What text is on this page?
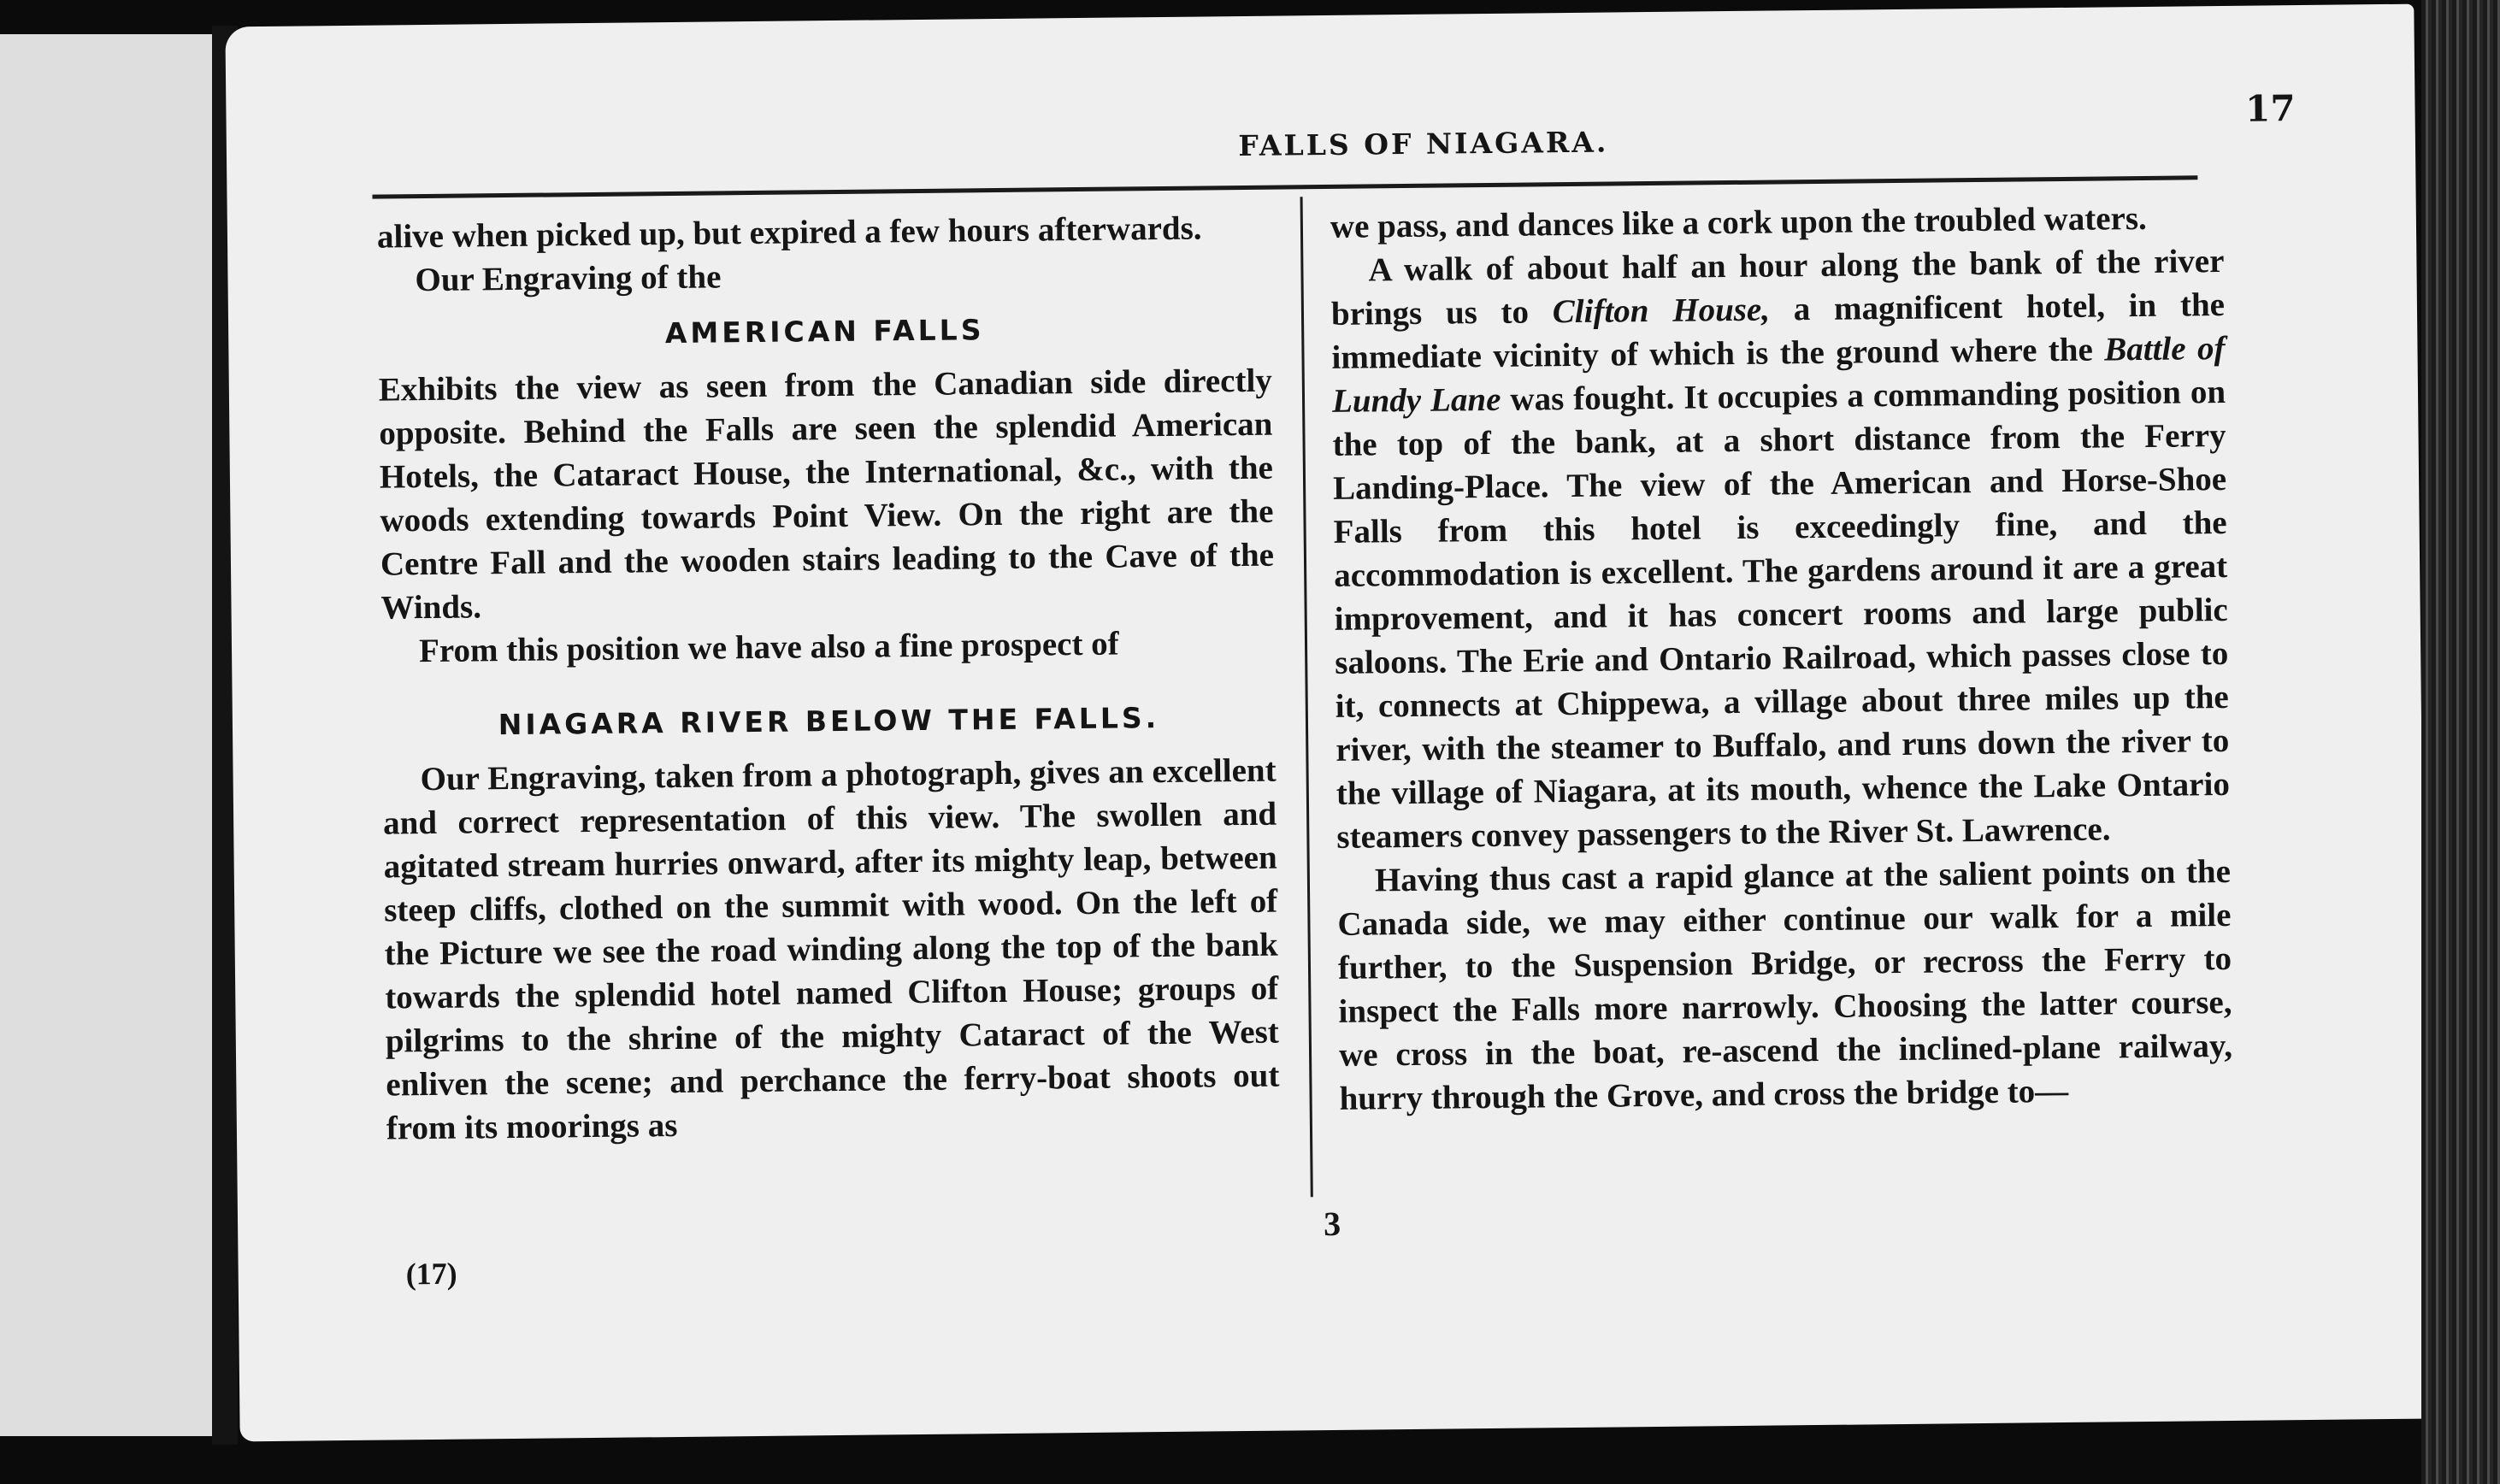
FALLS OF NIAGARA.
17

alive when picked up, but expired a few hours afterwards.

Our Engraving of the

AMERICAN FALLS

Exhibits the view as seen from the Canadian side directly opposite. Behind the Falls are seen the splendid American Hotels, the Cataract House, the International, &c., with the woods extending towards Point View. On the right are the Centre Fall and the wooden stairs leading to the Cave of the Winds.

From this position we have also a fine prospect of

NIAGARA RIVER BELOW THE FALLS.

Our Engraving, taken from a photograph, gives an excellent and correct representation of this view. The swollen and agitated stream hurries onward, after its mighty leap, between steep cliffs, clothed on the summit with wood. On the left of the Picture we see the road winding along the top of the bank towards the splendid hotel named Clifton House; groups of pilgrims to the shrine of the mighty Cataract of the West enliven the scene; and perchance the ferry-boat shoots out from its moorings as

we pass, and dances like a cork upon the troubled waters.

A walk of about half an hour along the bank of the river brings us to Clifton House, a magnificent hotel, in the immediate vicinity of which is the ground where the Battle of Lundy Lane was fought. It occupies a commanding position on the top of the bank, at a short distance from the Ferry Landing-Place. The view of the American and Horse-Shoe Falls from this hotel is exceedingly fine, and the accommodation is excellent. The gardens around it are a great improvement, and it has concert rooms and large public saloons. The Erie and Ontario Railroad, which passes close to it, connects at Chippewa, a village about three miles up the river, with the steamer to Buffalo, and runs down the river to the village of Niagara, at its mouth, whence the Lake Ontario steamers convey passengers to the River St. Lawrence.

Having thus cast a rapid glance at the salient points on the Canada side, we may either continue our walk for a mile further, to the Suspension Bridge, or recross the Ferry to inspect the Falls more narrowly. Choosing the latter course, we cross in the boat, re-ascend the inclined-plane railway, hurry through the Grove, and cross the bridge to—

3
(17)
